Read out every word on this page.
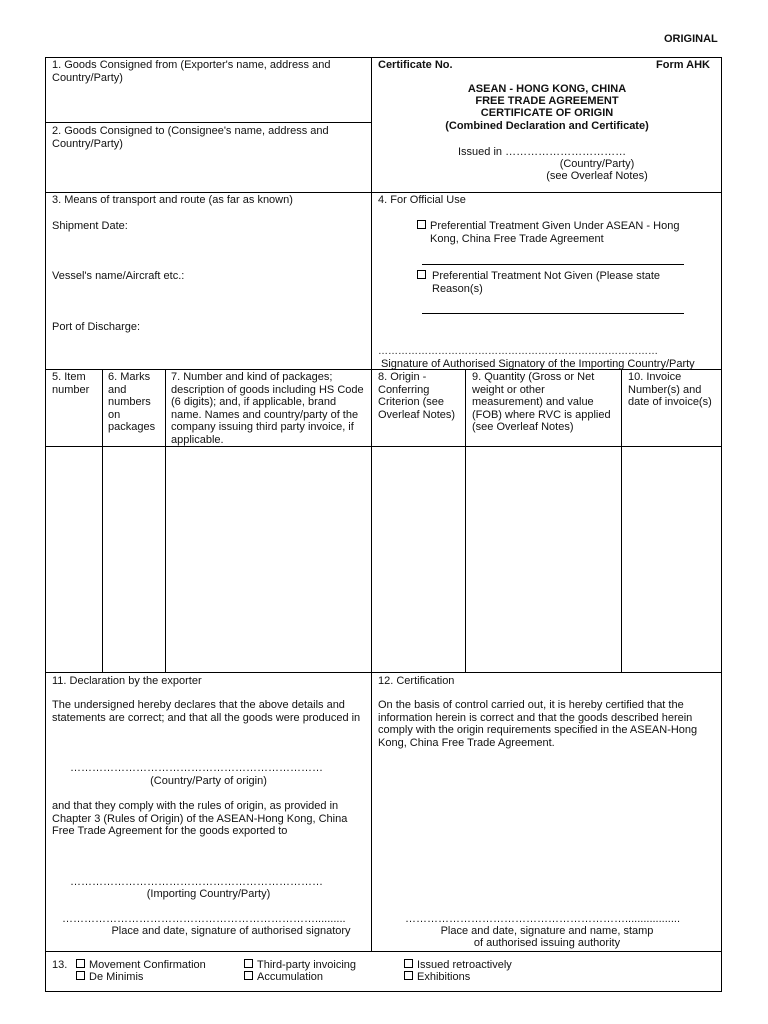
ORIGINAL
1. Goods Consigned from (Exporter's name, address and Country/Party)
2. Goods Consigned to (Consignee's name, address and Country/Party)
Certificate No.	Form AHK
ASEAN - HONG KONG, CHINA
FREE TRADE AGREEMENT
CERTIFICATE OF ORIGIN
(Combined Declaration and Certificate)
Issued in ……………………………
(Country/Party)
(see Overleaf Notes)
3. Means of transport and route (as far as known)
Shipment Date:
Vessel's name/Aircraft etc.:
Port of Discharge:
4. For Official Use
Preferential Treatment Given Under ASEAN - Hong Kong, China Free Trade Agreement
Preferential Treatment Not Given (Please state Reason(s)
…………………………………………………………………………
Signature of Authorised Signatory of the Importing Country/Party
5. Item number
6. Marks and numbers on packages
7. Number and kind of packages; description of goods including HS Code (6 digits); and, if applicable, brand name. Names and country/party of the company issuing third party invoice, if applicable.
8. Origin - Conferring Criterion (see Overleaf Notes)
9. Quantity (Gross or Net weight or other measurement) and value (FOB) where RVC is applied (see Overleaf Notes)
10. Invoice Number(s) and date of invoice(s)
11. Declaration by the exporter
The undersigned hereby declares that the above details and statements are correct; and that all the goods were produced in
……………………………………………………………
(Country/Party of origin)
and that they comply with the rules of origin, as provided in Chapter 3 (Rules of Origin) of the ASEAN-Hong Kong, China Free Trade Agreement for the goods exported to
……………………………………………………………
(Importing Country/Party)
……………………………………………………………..........
Place and date, signature of authorised signatory
12. Certification
On the basis of control carried out, it is hereby certified that the information herein is correct and that the goods described herein comply with the origin requirements specified in the ASEAN-Hong Kong, China Free Trade Agreement.
……………………………………………………..................
Place and date, signature and name, stamp
of authorised issuing authority
13.	Movement Confirmation
De Minimis
Third-party invoicing
Accumulation
Issued retroactively
Exhibitions
